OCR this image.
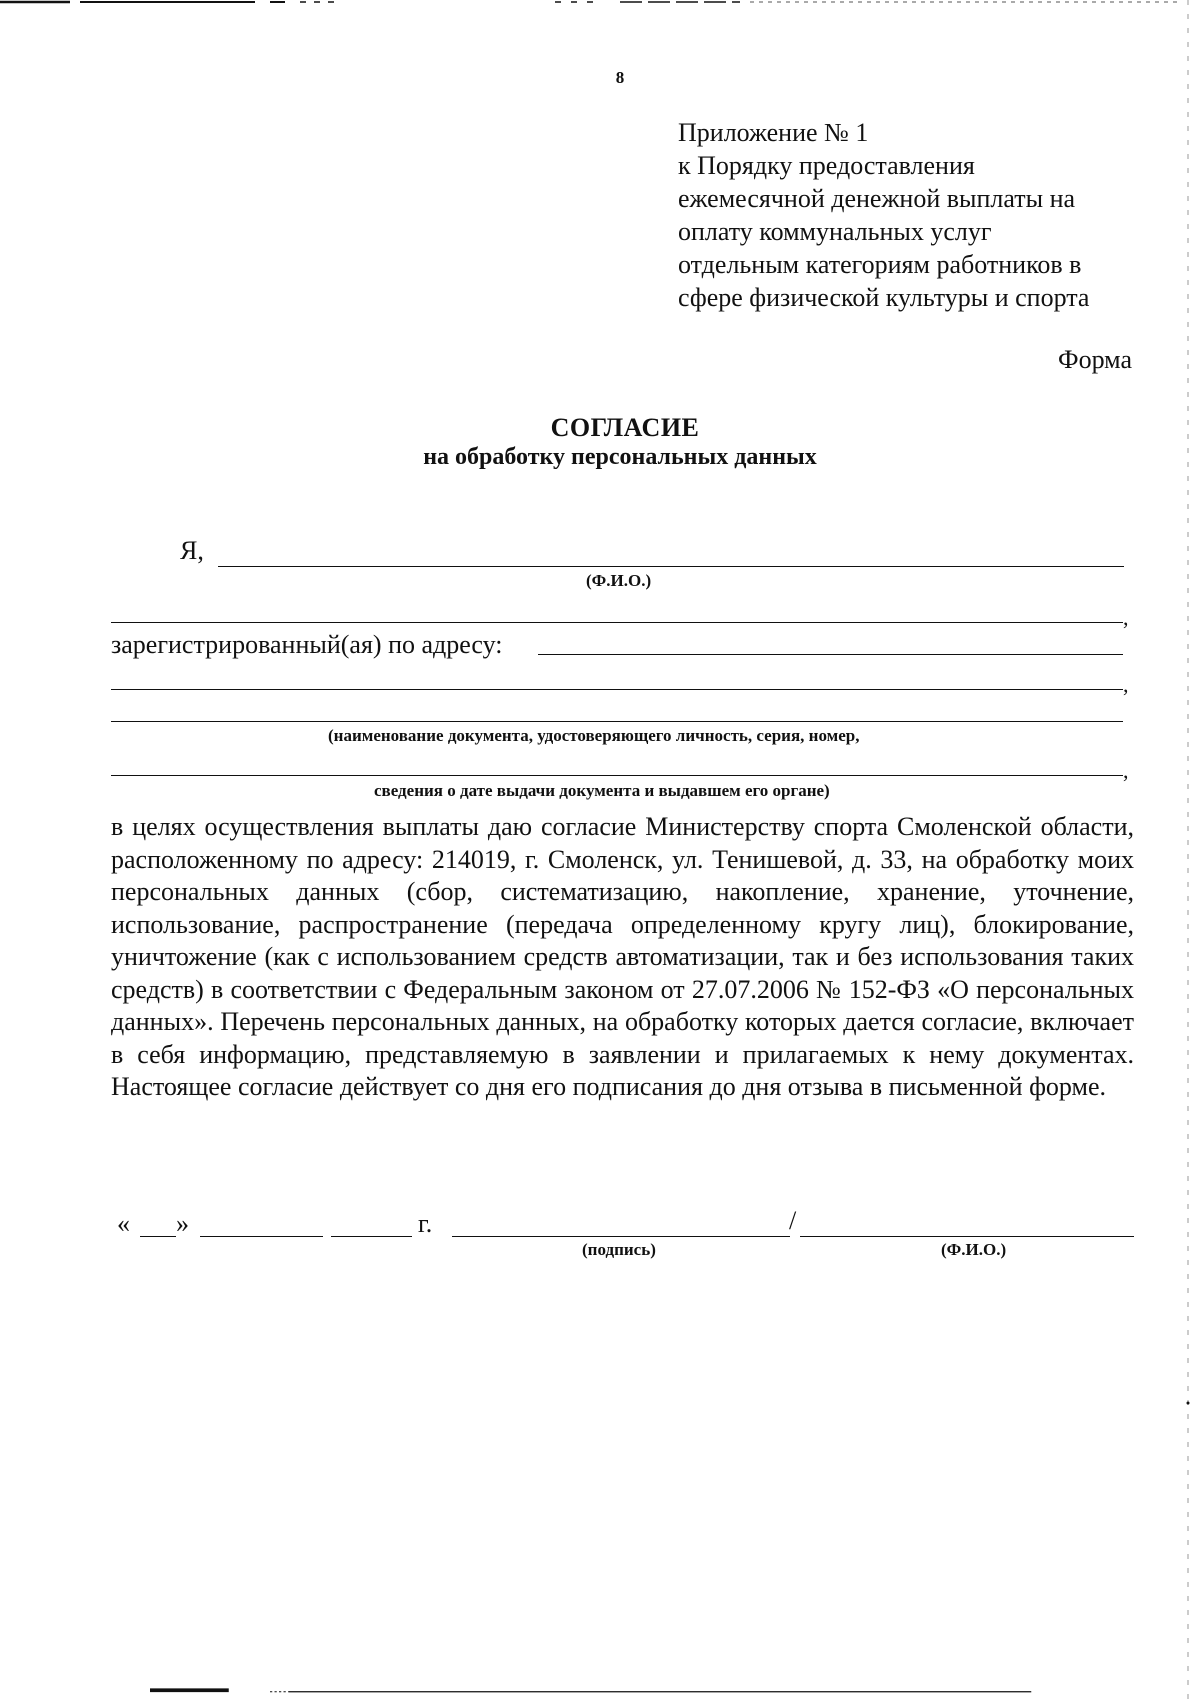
8
Приложение № 1
к Порядку предоставления
ежемесячной денежной выплаты на
оплату коммунальных услуг
отдельным категориям работников в
сфере физической культуры и спорта
Форма
СОГЛАСИЕ
на обработку персональных данных
Я,
(Ф.И.О.)
,
зарегистрированный(ая) по адресу:
,
(наименование документа, удостоверяющего личность, серия, номер,
,
сведения о дате выдачи документа и выдавшем его органе)
в целях осуществления выплаты даю согласие Министерству спорта Смоленской области, расположенному по адресу: 214019, г. Смоленск, ул. Тенишевой, д. 33, на обработку моих персональных данных (сбор, систематизацию, накопление, хранение, уточнение, использование, распространение (передача определенному кругу лиц), блокирование, уничтожение (как с использованием средств автоматизации, так и без использования таких средств) в соответствии с Федеральным законом от 27.07.2006 № 152-ФЗ «О персональных данных». Перечень персональных данных, на обработку которых дается согласие, включает в себя информацию, представляемую в заявлении и прилагаемых к нему документах. Настоящее согласие действует со дня его подписания до дня отзыва в письменной форме.
« »	г.	/
(подпись)	(Ф.И.О.)
